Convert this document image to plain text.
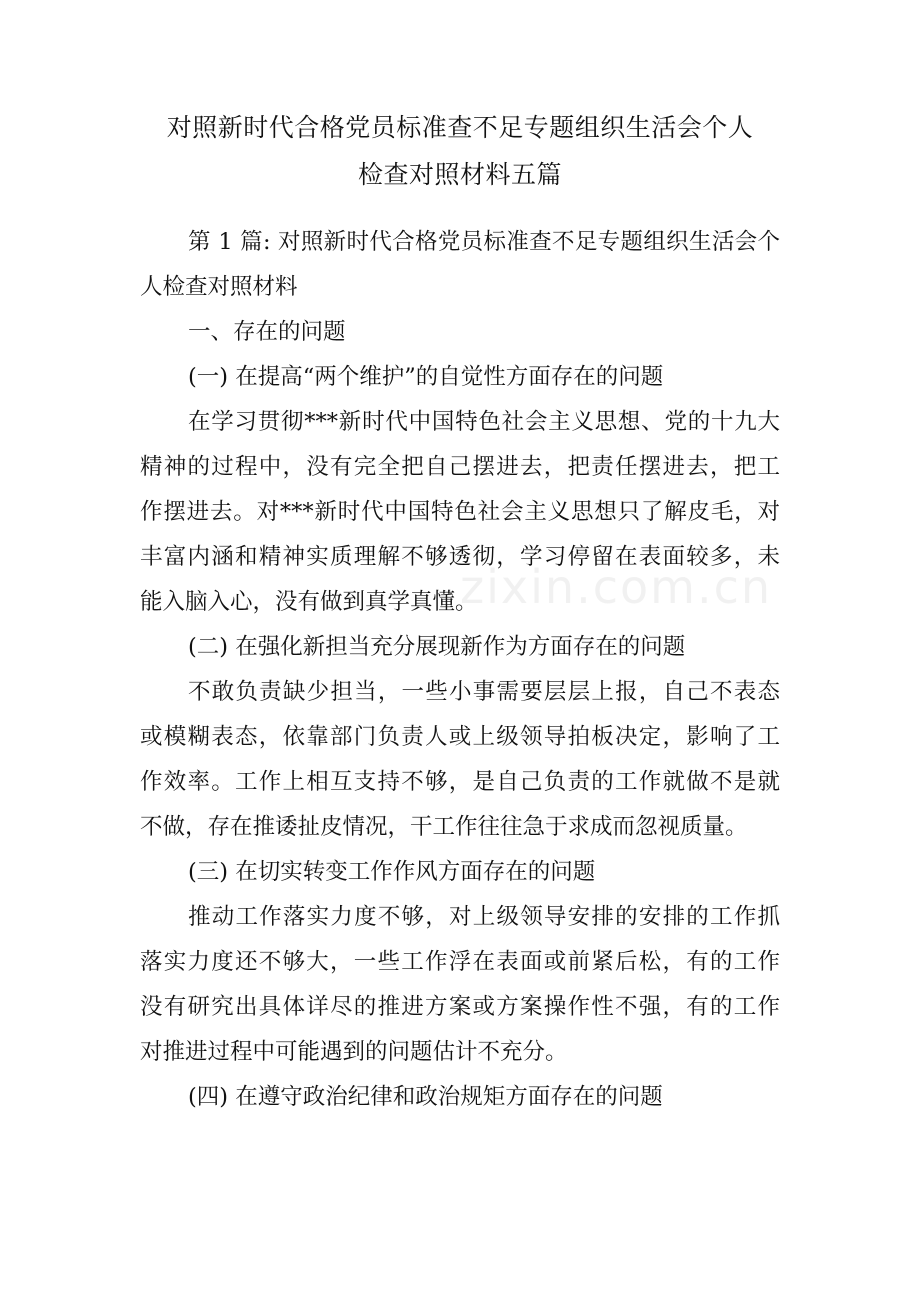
zixin.com.cn
对照新时代合格党员标准查不足专题组织生活会个人
检查对照材料五篇
第 1 篇: 对照新时代合格党员标准查不足专题组织生活会个
人检查对照材料
一、存在的问题
(一) 在提高“两个维护”的自觉性方面存在的问题
在学习贯彻***新时代中国特色社会主义思想、党的十九大
精神的过程中，没有完全把自己摆进去，把责任摆进去，把工
作摆进去。对***新时代中国特色社会主义思想只了解皮毛，对
丰富内涵和精神实质理解不够透彻，学习停留在表面较多，未
能入脑入心，没有做到真学真懂。
(二) 在强化新担当充分展现新作为方面存在的问题
不敢负责缺少担当，一些小事需要层层上报，自己不表态
或模糊表态，依靠部门负责人或上级领导拍板决定，影响了工
作效率。工作上相互支持不够，是自己负责的工作就做不是就
不做，存在推诿扯皮情况，干工作往往急于求成而忽视质量。
(三) 在切实转变工作作风方面存在的问题
推动工作落实力度不够，对上级领导安排的安排的工作抓
落实力度还不够大，一些工作浮在表面或前紧后松，有的工作
没有研究出具体详尽的推进方案或方案操作性不强，有的工作
对推进过程中可能遇到的问题估计不充分。
(四) 在遵守政治纪律和政治规矩方面存在的问题
